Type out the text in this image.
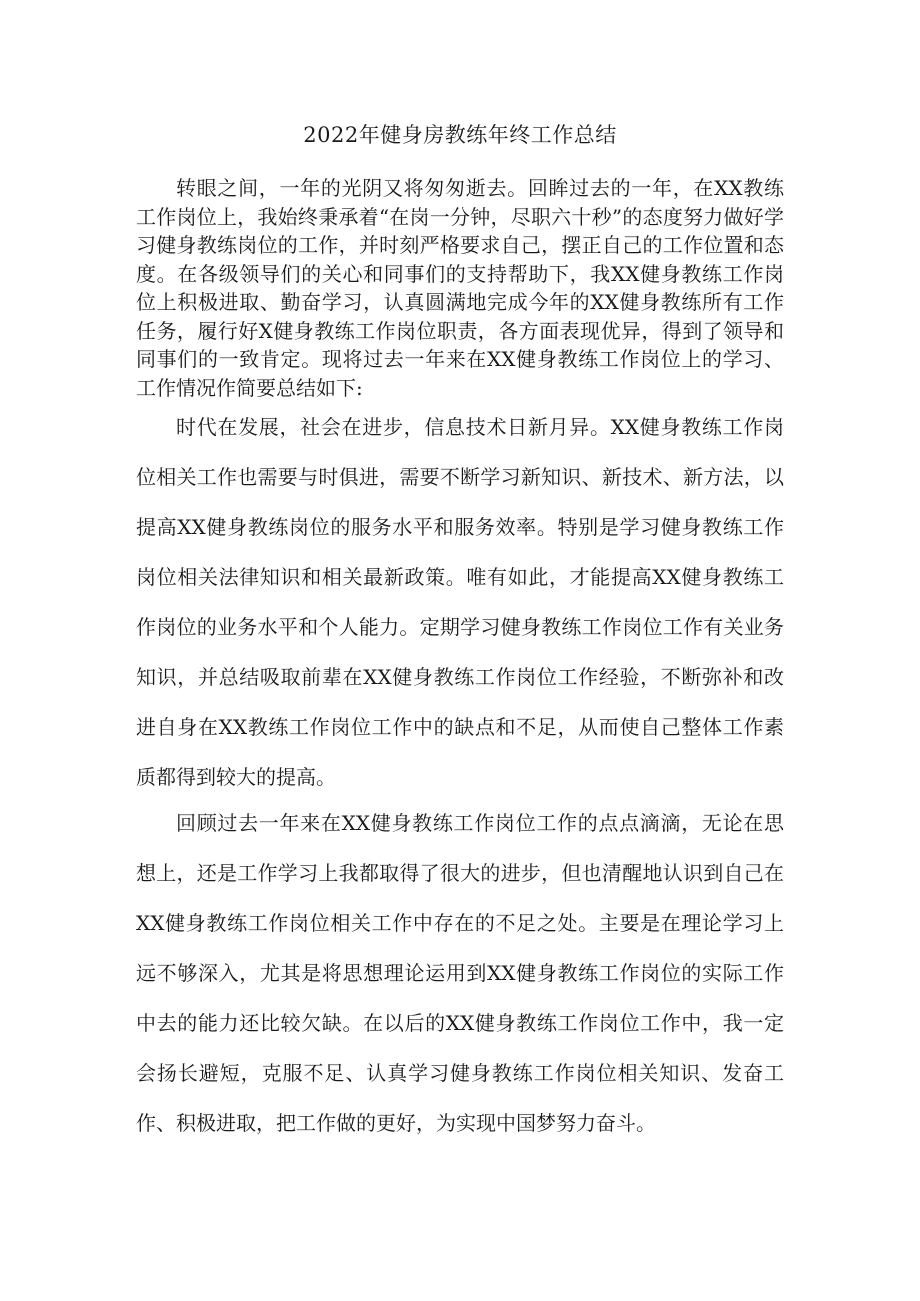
2022年健身房教练年终工作总结

转眼之间，一年的光阴又将匆匆逝去。回眸过去的一年，在XX教练工作岗位上，我始终秉承着“在岗一分钟，尽职六十秒”的态度努力做好学习健身教练岗位的工作，并时刻严格要求自己，摆正自己的工作位置和态度。在各级领导们的关心和同事们的支持帮助下，我XX健身教练工作岗位上积极进取、勤奋学习，认真圆满地完成今年的XX健身教练所有工作任务，履行好X健身教练工作岗位职责，各方面表现优异，得到了领导和同事们的一致肯定。现将过去一年来在XX健身教练工作岗位上的学习、工作情况作简要总结如下:

时代在发展，社会在进步，信息技术日新月异。XX健身教练工作岗位相关工作也需要与时俱进，需要不断学习新知识、新技术、新方法，以提高XX健身教练岗位的服务水平和服务效率。特别是学习健身教练工作岗位相关法律知识和相关最新政策。唯有如此，才能提高XX健身教练工作岗位的业务水平和个人能力。定期学习健身教练工作岗位工作有关业务知识，并总结吸取前辈在XX健身教练工作岗位工作经验，不断弥补和改进自身在XX教练工作岗位工作中的缺点和不足，从而使自己整体工作素质都得到较大的提高。

回顾过去一年来在XX健身教练工作岗位工作的点点滴滴，无论在思想上，还是工作学习上我都取得了很大的进步，但也清醒地认识到自己在XX健身教练工作岗位相关工作中存在的不足之处。主要是在理论学习上远不够深入，尤其是将思想理论运用到XX健身教练工作岗位的实际工作中去的能力还比较欠缺。在以后的XX健身教练工作岗位工作中，我一定会扬长避短，克服不足、认真学习健身教练工作岗位相关知识、发奋工作、积极进取，把工作做的更好，为实现中国梦努力奋斗。
